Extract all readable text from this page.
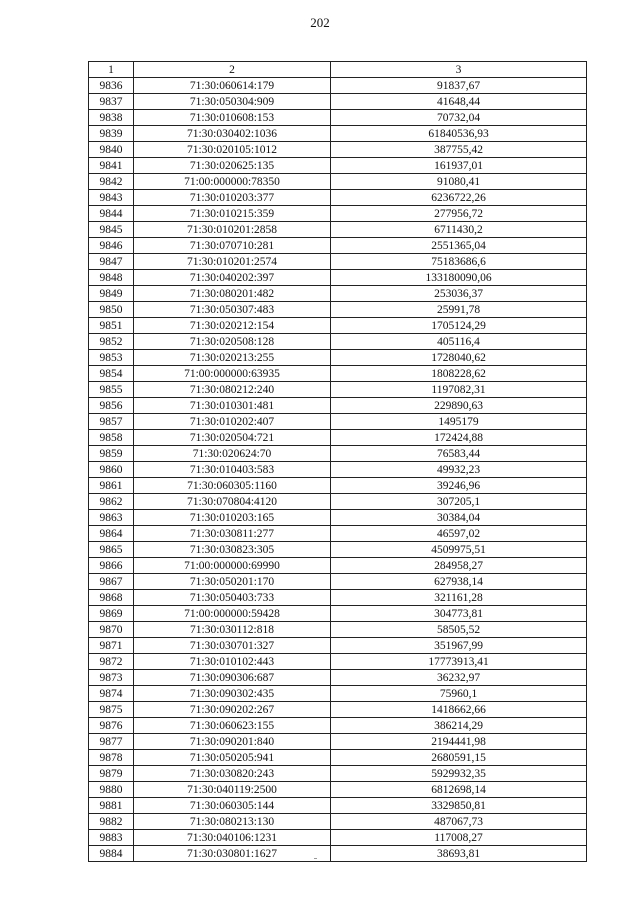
202
1	2	3
9836	71:30:060614:179	91837,67
9837	71:30:050304:909	41648,44
9838	71:30:010608:153	70732,04
9839	71:30:030402:1036	61840536,93
9840	71:30:020105:1012	387755,42
9841	71:30:020625:135	161937,01
9842	71:00:000000:78350	91080,41
9843	71:30:010203:377	6236722,26
9844	71:30:010215:359	277956,72
9845	71:30:010201:2858	6711430,2
9846	71:30:070710:281	2551365,04
9847	71:30:010201:2574	75183686,6
9848	71:30:040202:397	133180090,06
9849	71:30:080201:482	253036,37
9850	71:30:050307:483	25991,78
9851	71:30:020212:154	1705124,29
9852	71:30:020508:128	405116,4
9853	71:30:020213:255	1728040,62
9854	71:00:000000:63935	1808228,62
9855	71:30:080212:240	1197082,31
9856	71:30:010301:481	229890,63
9857	71:30:010202:407	1495179
9858	71:30:020504:721	172424,88
9859	71:30:020624:70	76583,44
9860	71:30:010403:583	49932,23
9861	71:30:060305:1160	39246,96
9862	71:30:070804:4120	307205,1
9863	71:30:010203:165	30384,04
9864	71:30:030811:277	46597,02
9865	71:30:030823:305	4509975,51
9866	71:00:000000:69990	284958,27
9867	71:30:050201:170	627938,14
9868	71:30:050403:733	321161,28
9869	71:00:000000:59428	304773,81
9870	71:30:030112:818	58505,52
9871	71:30:030701:327	351967,99
9872	71:30:010102:443	17773913,41
9873	71:30:090306:687	36232,97
9874	71:30:090302:435	75960,1
9875	71:30:090202:267	1418662,66
9876	71:30:060623:155	386214,29
9877	71:30:090201:840	2194441,98
9878	71:30:050205:941	2680591,15
9879	71:30:030820:243	5929932,35
9880	71:30:040119:2500	6812698,14
9881	71:30:060305:144	3329850,81
9882	71:30:080213:130	487067,73
9883	71:30:040106:1231	117008,27
9884	71:30:030801:1627	38693,81
